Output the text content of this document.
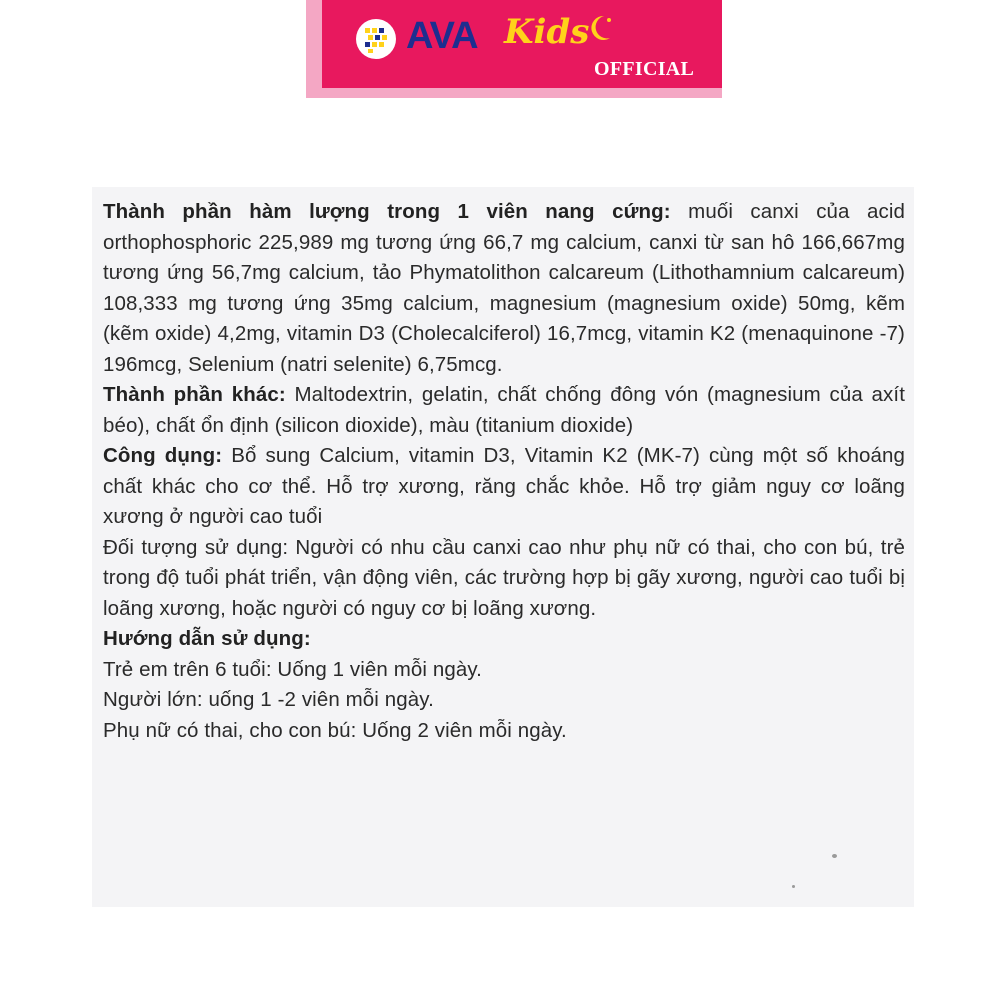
AVA Kids
OFFICIAL

Thành phần hàm lượng trong 1 viên nang cứng: muối canxi của acid orthophosphoric 225,989 mg tương ứng 66,7 mg calcium, canxi từ san hô 166,667mg tương ứng 56,7mg calcium, tảo Phymatolithon calcareum (Lithothamnium calcareum) 108,333 mg tương ứng 35mg calcium, magnesium (magnesium oxide) 50mg, kẽm (kẽm oxide) 4,2mg, vitamin D3 (Cholecalciferol) 16,7mcg, vitamin K2 (menaquinone -7) 196mcg, Selenium (natri selenite) 6,75mcg.

Thành phần khác: Maltodextrin, gelatin, chất chống đông vón (magnesium của axít béo), chất ổn định (silicon dioxide), màu (titanium dioxide)

Công dụng: Bổ sung Calcium, vitamin D3, Vitamin K2 (MK-7) cùng một số khoáng chất khác cho cơ thể. Hỗ trợ xương, răng chắc khỏe. Hỗ trợ giảm nguy cơ loãng xương ở người cao tuổi

Đối tượng sử dụng: Người có nhu cầu canxi cao như phụ nữ có thai, cho con bú, trẻ trong độ tuổi phát triển, vận động viên, các trường hợp bị gãy xương, người cao tuổi bị loãng xương, hoặc người có nguy cơ bị loãng xương.

Hướng dẫn sử dụng:

Trẻ em trên 6 tuổi: Uống 1 viên mỗi ngày.

Người lớn: uống 1 -2 viên mỗi ngày.

Phụ nữ có thai, cho con bú: Uống 2 viên mỗi ngày.
